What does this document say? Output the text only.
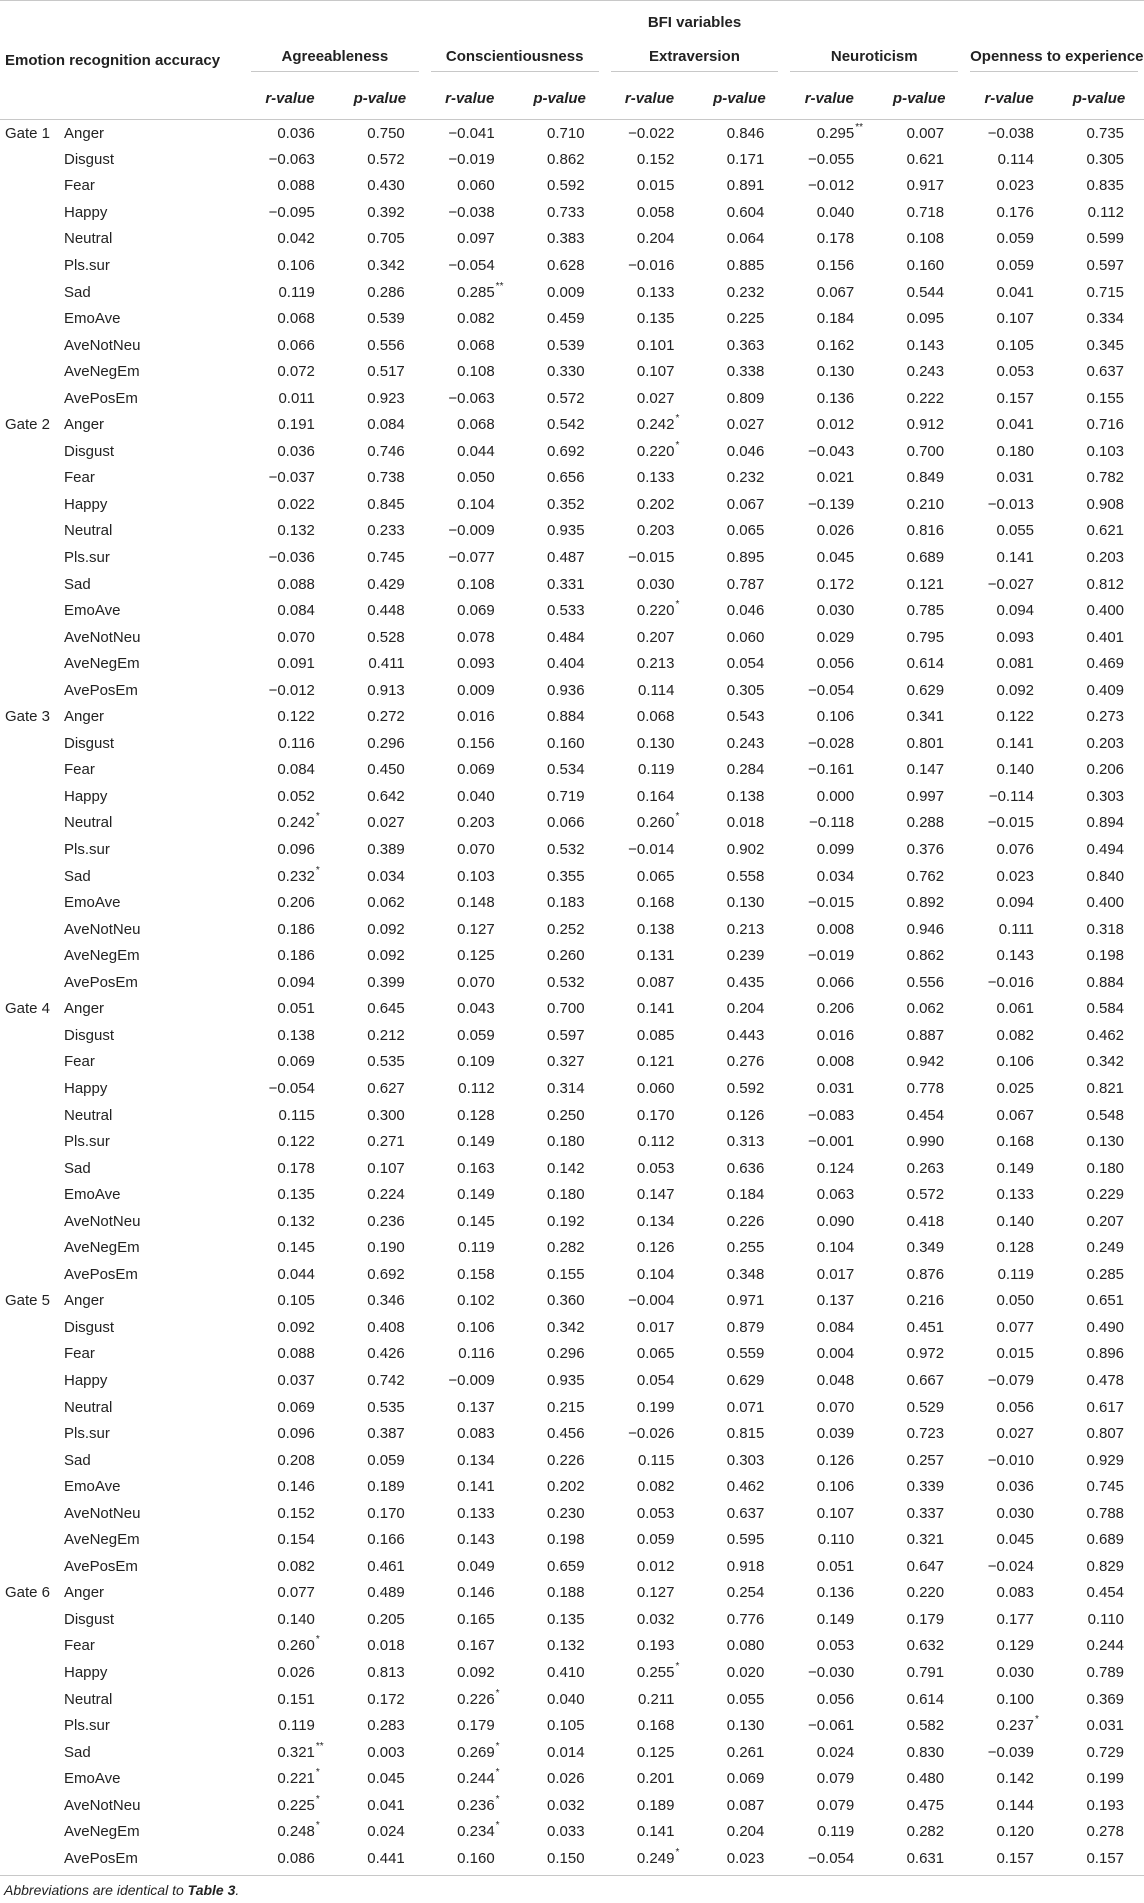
		BFI variables									
Emotion recognition accuracy		Agreeableness		Conscientiousness		Extraversion		Neuroticism		Openness to experience	

		r-value	p-value	r-value	p-value	r-value	p-value	r-value	p-value	r-value	p-value
Gate 1	Anger	0.036	0.750	−0.041	0.710	−0.022	0.846	0.295 **	0.007	−0.038	0.735
	Disgust	−0.063	0.572	−0.019	0.862	0.152	0.171	−0.055	0.621	0.114	0.305
	Fear	0.088	0.430	0.060	0.592	0.015	0.891	−0.012	0.917	0.023	0.835
	Happy	−0.095	0.392	−0.038	0.733	0.058	0.604	0.040	0.718	0.176	0.112
	Neutral	0.042	0.705	0.097	0.383	0.204	0.064	0.178	0.108	0.059	0.599
	Pls.sur	0.106	0.342	−0.054	0.628	−0.016	0.885	0.156	0.160	0.059	0.597
	Sad	0.119	0.286	0.285 **	0.009	0.133	0.232	0.067	0.544	0.041	0.715
	EmoAve	0.068	0.539	0.082	0.459	0.135	0.225	0.184	0.095	0.107	0.334
	AveNotNeu	0.066	0.556	0.068	0.539	0.101	0.363	0.162	0.143	0.105	0.345
	AveNegEm	0.072	0.517	0.108	0.330	0.107	0.338	0.130	0.243	0.053	0.637
	AvePosEm	0.011	0.923	−0.063	0.572	0.027	0.809	0.136	0.222	0.157	0.155
Gate 2	Anger	0.191	0.084	0.068	0.542	0.242 *	0.027	0.012	0.912	0.041	0.716
	Disgust	0.036	0.746	0.044	0.692	0.220 *	0.046	−0.043	0.700	0.180	0.103
	Fear	−0.037	0.738	0.050	0.656	0.133	0.232	0.021	0.849	0.031	0.782
	Happy	0.022	0.845	0.104	0.352	0.202	0.067	−0.139	0.210	−0.013	0.908
	Neutral	0.132	0.233	−0.009	0.935	0.203	0.065	0.026	0.816	0.055	0.621
	Pls.sur	−0.036	0.745	−0.077	0.487	−0.015	0.895	0.045	0.689	0.141	0.203
	Sad	0.088	0.429	0.108	0.331	0.030	0.787	0.172	0.121	−0.027	0.812
	EmoAve	0.084	0.448	0.069	0.533	0.220 *	0.046	0.030	0.785	0.094	0.400
	AveNotNeu	0.070	0.528	0.078	0.484	0.207	0.060	0.029	0.795	0.093	0.401
	AveNegEm	0.091	0.411	0.093	0.404	0.213	0.054	0.056	0.614	0.081	0.469
	AvePosEm	−0.012	0.913	0.009	0.936	0.114	0.305	−0.054	0.629	0.092	0.409
Gate 3	Anger	0.122	0.272	0.016	0.884	0.068	0.543	0.106	0.341	0.122	0.273
	Disgust	0.116	0.296	0.156	0.160	0.130	0.243	−0.028	0.801	0.141	0.203
	Fear	0.084	0.450	0.069	0.534	0.119	0.284	−0.161	0.147	0.140	0.206
	Happy	0.052	0.642	0.040	0.719	0.164	0.138	0.000	0.997	−0.114	0.303
	Neutral	0.242 *	0.027	0.203	0.066	0.260 *	0.018	−0.118	0.288	−0.015	0.894
	Pls.sur	0.096	0.389	0.070	0.532	−0.014	0.902	0.099	0.376	0.076	0.494
	Sad	0.232 *	0.034	0.103	0.355	0.065	0.558	0.034	0.762	0.023	0.840
	EmoAve	0.206	0.062	0.148	0.183	0.168	0.130	−0.015	0.892	0.094	0.400
	AveNotNeu	0.186	0.092	0.127	0.252	0.138	0.213	0.008	0.946	0.111	0.318
	AveNegEm	0.186	0.092	0.125	0.260	0.131	0.239	−0.019	0.862	0.143	0.198
	AvePosEm	0.094	0.399	0.070	0.532	0.087	0.435	0.066	0.556	−0.016	0.884
Gate 4	Anger	0.051	0.645	0.043	0.700	0.141	0.204	0.206	0.062	0.061	0.584
	Disgust	0.138	0.212	0.059	0.597	0.085	0.443	0.016	0.887	0.082	0.462
	Fear	0.069	0.535	0.109	0.327	0.121	0.276	0.008	0.942	0.106	0.342
	Happy	−0.054	0.627	0.112	0.314	0.060	0.592	0.031	0.778	0.025	0.821
	Neutral	0.115	0.300	0.128	0.250	0.170	0.126	−0.083	0.454	0.067	0.548
	Pls.sur	0.122	0.271	0.149	0.180	0.112	0.313	−0.001	0.990	0.168	0.130
	Sad	0.178	0.107	0.163	0.142	0.053	0.636	0.124	0.263	0.149	0.180
	EmoAve	0.135	0.224	0.149	0.180	0.147	0.184	0.063	0.572	0.133	0.229
	AveNotNeu	0.132	0.236	0.145	0.192	0.134	0.226	0.090	0.418	0.140	0.207
	AveNegEm	0.145	0.190	0.119	0.282	0.126	0.255	0.104	0.349	0.128	0.249
	AvePosEm	0.044	0.692	0.158	0.155	0.104	0.348	0.017	0.876	0.119	0.285
Gate 5	Anger	0.105	0.346	0.102	0.360	−0.004	0.971	0.137	0.216	0.050	0.651
	Disgust	0.092	0.408	0.106	0.342	0.017	0.879	0.084	0.451	0.077	0.490
	Fear	0.088	0.426	0.116	0.296	0.065	0.559	0.004	0.972	0.015	0.896
	Happy	0.037	0.742	−0.009	0.935	0.054	0.629	0.048	0.667	−0.079	0.478
	Neutral	0.069	0.535	0.137	0.215	0.199	0.071	0.070	0.529	0.056	0.617
	Pls.sur	0.096	0.387	0.083	0.456	−0.026	0.815	0.039	0.723	0.027	0.807
	Sad	0.208	0.059	0.134	0.226	0.115	0.303	0.126	0.257	−0.010	0.929
	EmoAve	0.146	0.189	0.141	0.202	0.082	0.462	0.106	0.339	0.036	0.745
	AveNotNeu	0.152	0.170	0.133	0.230	0.053	0.637	0.107	0.337	0.030	0.788
	AveNegEm	0.154	0.166	0.143	0.198	0.059	0.595	0.110	0.321	0.045	0.689
	AvePosEm	0.082	0.461	0.049	0.659	0.012	0.918	0.051	0.647	−0.024	0.829
Gate 6	Anger	0.077	0.489	0.146	0.188	0.127	0.254	0.136	0.220	0.083	0.454
	Disgust	0.140	0.205	0.165	0.135	0.032	0.776	0.149	0.179	0.177	0.110
	Fear	0.260 *	0.018	0.167	0.132	0.193	0.080	0.053	0.632	0.129	0.244
	Happy	0.026	0.813	0.092	0.410	0.255 *	0.020	−0.030	0.791	0.030	0.789
	Neutral	0.151	0.172	0.226 *	0.040	0.211	0.055	0.056	0.614	0.100	0.369
	Pls.sur	0.119	0.283	0.179	0.105	0.168	0.130	−0.061	0.582	0.237 *	0.031
	Sad	0.321 **	0.003	0.269 *	0.014	0.125	0.261	0.024	0.830	−0.039	0.729
	EmoAve	0.221 *	0.045	0.244 *	0.026	0.201	0.069	0.079	0.480	0.142	0.199
	AveNotNeu	0.225 *	0.041	0.236 *	0.032	0.189	0.087	0.079	0.475	0.144	0.193
	AveNegEm	0.248 *	0.024	0.234 *	0.033	0.141	0.204	0.119	0.282	0.120	0.278
	AvePosEm	0.086	0.441	0.160	0.150	0.249 *	0.023	−0.054	0.631	0.157	0.157
Abbreviations are identical to Table 3.
